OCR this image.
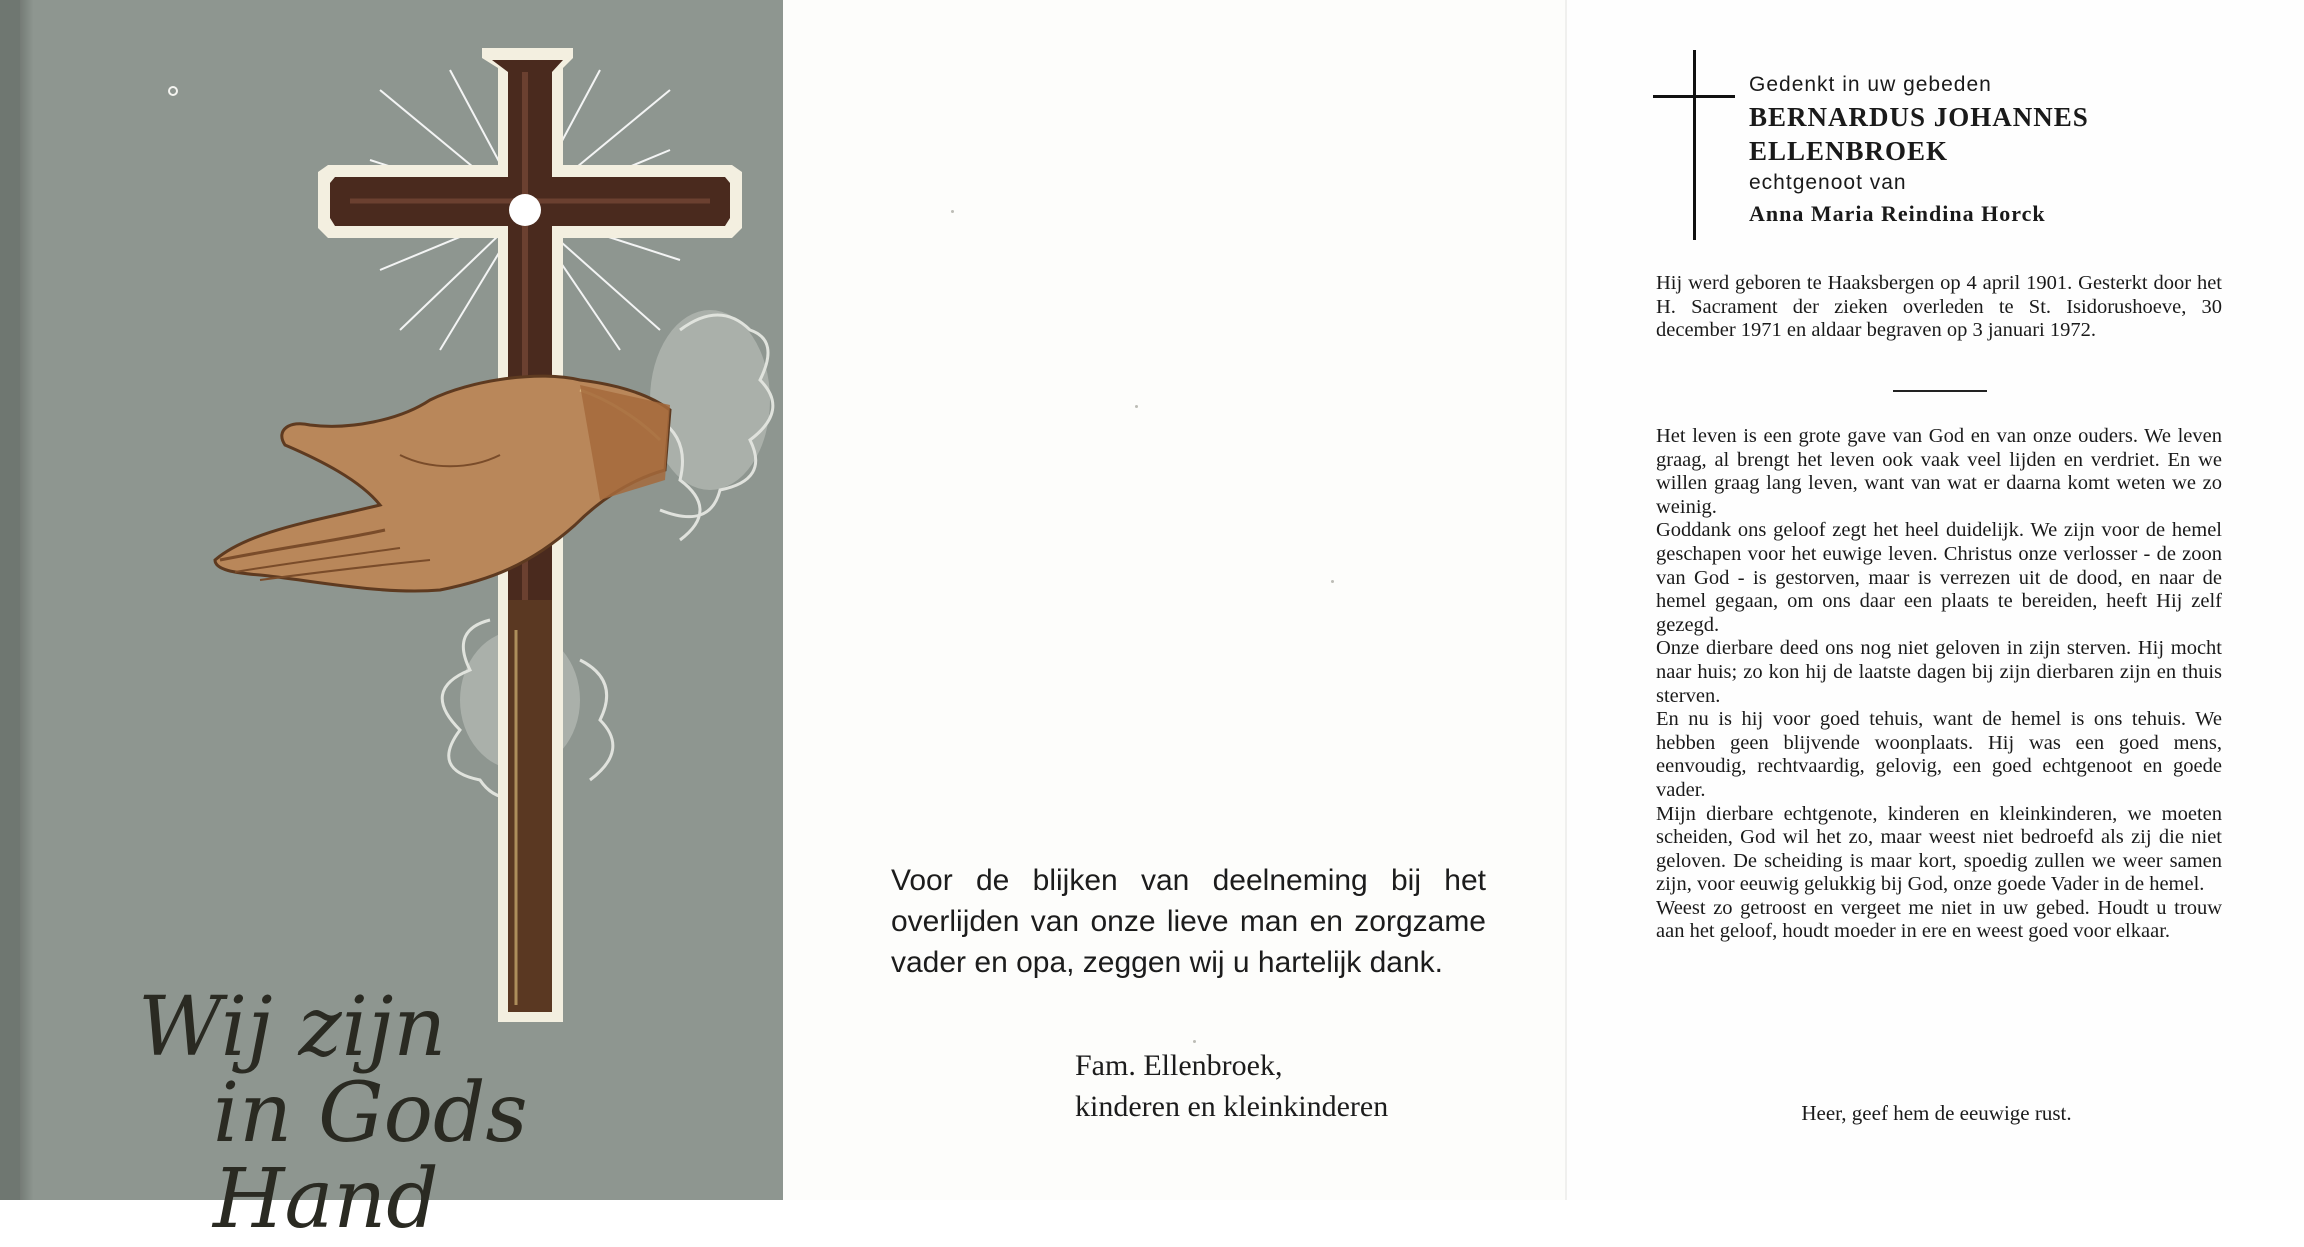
Wij zijn
in Gods Hand
Voor de blijken van deelneming bij het overlijden van onze lieve man en zorgzame vader en opa, zeggen wij u hartelijk dank.
Fam. Ellenbroek,
kinderen en kleinkinderen
Gedenkt in uw gebeden
BERNARDUS JOHANNES
ELLENBROEK
echtgenoot van
Anna Maria Reindina Horck
Hij werd geboren te Haaksbergen op 4 april 1901. Gesterkt door het H. Sacrament der zieken overleden te St. Isidorushoeve, 30 december 1971 en aldaar begraven op 3 januari 1972.

Het leven is een grote gave van God en van onze ouders. We leven graag, al brengt het leven ook vaak veel lijden en verdriet. En we willen graag lang leven, want van wat er daarna komt weten we zo weinig.

Goddank ons geloof zegt het heel duidelijk. We zijn voor de hemel geschapen voor het euwige leven. Christus onze verlosser - de zoon van God - is gestorven, maar is verrezen uit de dood, en naar de hemel gegaan, om ons daar een plaats te bereiden, heeft Hij zelf gezegd.

Onze dierbare deed ons nog niet geloven in zijn sterven. Hij mocht naar huis; zo kon hij de laatste dagen bij zijn dierbaren zijn en thuis sterven.

En nu is hij voor goed tehuis, want de hemel is ons tehuis. We hebben geen blijvende woonplaats. Hij was een goed mens, eenvoudig, rechtvaardig, gelovig, een goed echtgenoot en goede vader.

Mijn dierbare echtgenote, kinderen en kleinkinderen, we moeten scheiden, God wil het zo, maar weest niet bedroefd als zij die niet geloven. De scheiding is maar kort, spoedig zullen we weer samen zijn, voor eeuwig gelukkig bij God, onze goede Vader in de hemel.

Weest zo getroost en vergeet me niet in uw gebed. Houdt u trouw aan het geloof, houdt moeder in ere en weest goed voor elkaar.

Heer, geef hem de eeuwige rust.
